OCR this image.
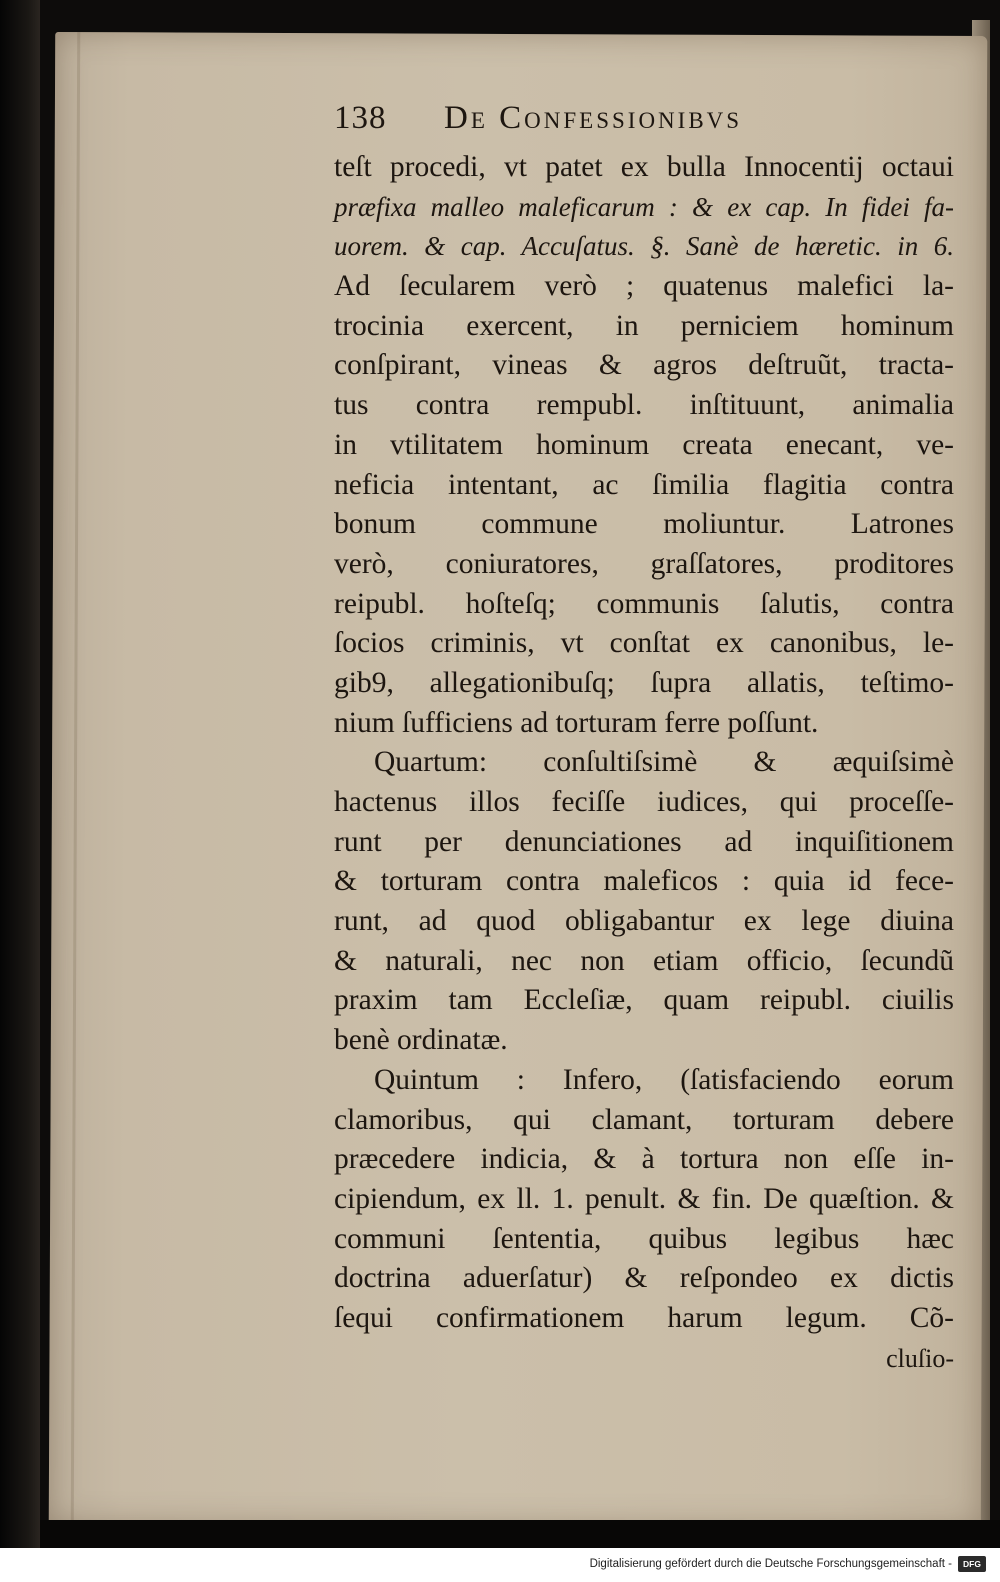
138	De Confessionibvs
teſt procedi, vt patet ex bulla Innocentij octaui
præfixa malleo maleficarum : & ex cap. In fidei fa-
uorem. & cap. Accuſatus. §. Sanè de hæretic. in 6.
Ad ſecularem verò ; quatenus malefici la-
trocinia exercent, in perniciem hominum
conſpirant, vineas & agros deſtruũt, tracta-
tus contra rempubl. inſtituunt, animalia
in vtilitatem hominum creata enecant, ve-
neficia intentant, ac ſimilia flagitia contra
bonum commune moliuntur. Latrones
verò, coniuratores, graſſatores, proditores
reipubl. hoſteſq; communis ſalutis, contra
ſocios criminis, vt conſtat ex canonibus, le-
gib9, allegationibuſq; ſupra allatis, teſtimo-
nium ſufficiens ad torturam ferre poſſunt.
Quartum: conſultiſsimè & æquiſsimè
hactenus illos feciſſe iudices, qui proceſſe-
runt per denunciationes ad inquiſitionem
& torturam contra maleficos : quia id fece-
runt, ad quod obligabantur ex lege diuina
& naturali, nec non etiam officio, ſecundũ
praxim tam Eccleſiæ, quam reipubl. ciuilis
benè ordinatæ.
Quintum : Infero, (ſatisfaciendo eorum
clamoribus, qui clamant, torturam debere
præcedere indicia, & à tortura non eſſe in-
cipiendum, ex ll. 1. penult. & fin. De quæſtion. &
communi ſententia, quibus legibus hæc
doctrina aduerſatur) & reſpondeo ex dictis
ſequi confirmationem harum legum. Cõ-
cluſio-
Digitalisierung gefördert durch die Deutsche Forschungsgemeinschaft -	DFG
